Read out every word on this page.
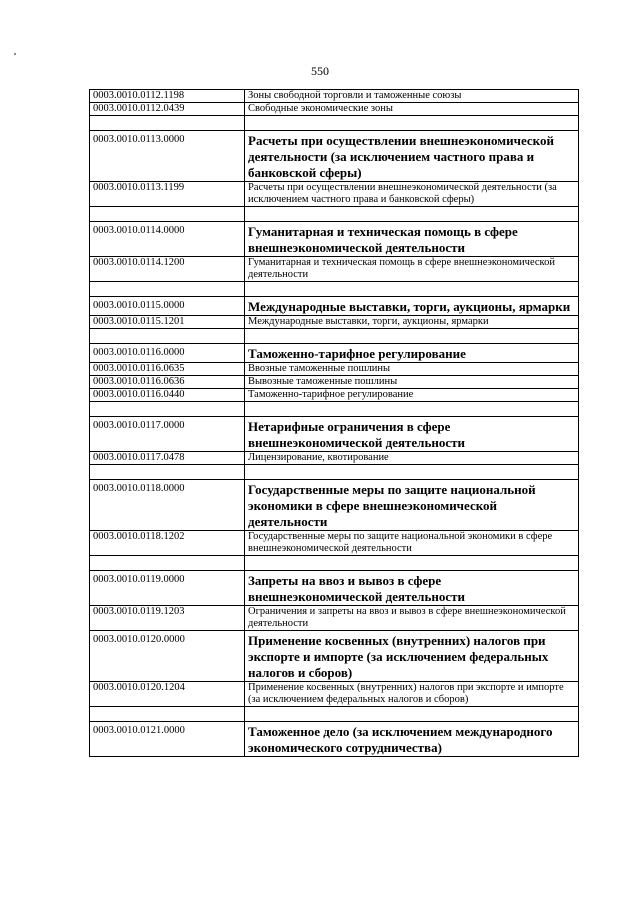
550
0003.0010.0112.1198	Зоны свободной торговли и таможенные союзы
0003.0010.0112.0439	Свободные экономические зоны

0003.0010.0113.0000	Расчеты при осуществлении внешнеэкономической деятельности (за исключением частного права и банковской сферы)
0003.0010.0113.1199	Расчеты при осуществлении внешнеэкономической деятельности (за исключением частного права и банковской сферы)

0003.0010.0114.0000	Гуманитарная и техническая помощь в сфере внешнеэкономической деятельности
0003.0010.0114.1200	Гуманитарная и техническая помощь в сфере внешнеэкономической деятельности

0003.0010.0115.0000	Международные выставки, торги, аукционы, ярмарки
0003.0010.0115.1201	Международные выставки, торги, аукционы, ярмарки

0003.0010.0116.0000	Таможенно-тарифное регулирование
0003.0010.0116.0635	Ввозные таможенные пошлины
0003.0010.0116.0636	Вывозные таможенные пошлины
0003.0010.0116.0440	Таможенно-тарифное регулирование

0003.0010.0117.0000	Нетарифные ограничения в сфере внешнеэкономической деятельности
0003.0010.0117.0478	Лицензирование, квотирование

0003.0010.0118.0000	Государственные меры по защите национальной экономики в сфере внешнеэкономической деятельности
0003.0010.0118.1202	Государственные меры по защите национальной экономики в сфере внешнеэкономической деятельности

0003.0010.0119.0000	Запреты на ввоз и вывоз в сфере внешнеэкономической деятельности
0003.0010.0119.1203	Ограничения и запреты на ввоз и вывоз в сфере внешнеэкономической деятельности
0003.0010.0120.0000	Применение косвенных (внутренних) налогов при экспорте и импорте (за исключением федеральных налогов и сборов)
0003.0010.0120.1204	Применение косвенных (внутренних) налогов при экспорте и импорте (за исключением федеральных налогов и сборов)

0003.0010.0121.0000	Таможенное дело (за исключением международного экономического сотрудничества)
